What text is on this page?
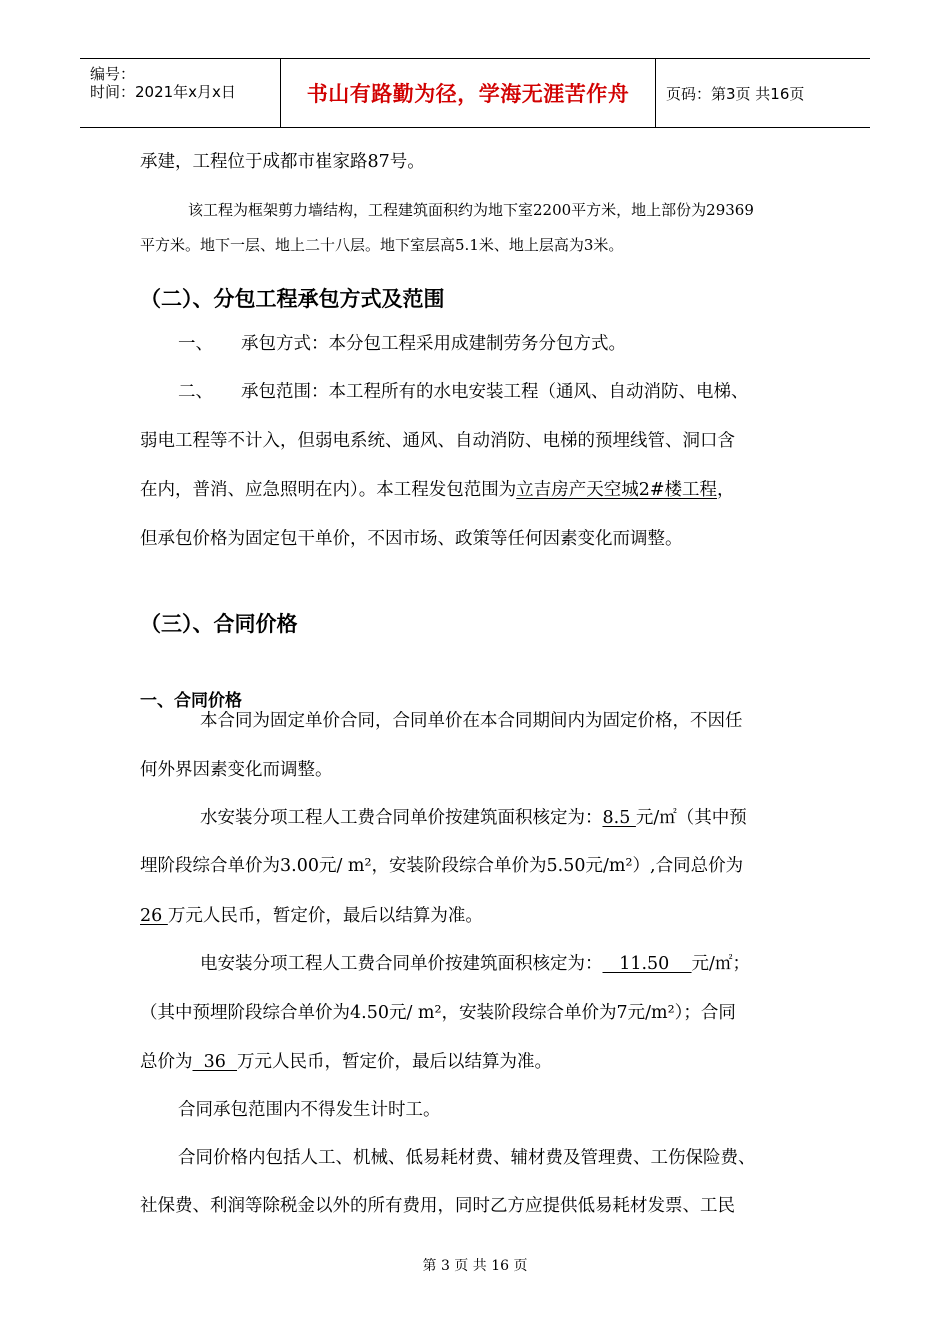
编号：
时间：2021年x月x日	书山有路勤为径，学海无涯苦作舟	页码：第3页 共16页
承建，工程位于成都市崔家路87号。
该工程为框架剪力墙结构，工程建筑面积约为地下室2200平方米，地上部份为29369
平方米。地下一层、地上二十八层。地下室层高5.1米、地上层高为3米。
（二）、分包工程承包方式及范围
一、 承包方式：本分包工程采用成建制劳务分包方式。
二、 承包范围：本工程所有的水电安装工程（通风、自动消防、电梯、
弱电工程等不计入，但弱电系统、通风、自动消防、电梯的预埋线管、洞口含
在内，普消、应急照明在内）。本工程发包范围为立吉房产天空城2#楼工程，
但承包价格为固定包干单价，不因市场、政策等任何因素变化而调整。
（三）、合同价格
一、合同价格
本合同为固定单价合同，合同单价在本合同期间内为固定价格，不因任
何外界因素变化而调整。
水安装分项工程人工费合同单价按建筑面积核定为：8.5 元/㎡（其中预
埋阶段综合单价为3.00元/ m²，安装阶段综合单价为5.50元/m²）,合同总价为
26 万元人民币，暂定价，最后以结算为准。
电安装分项工程人工费合同单价按建筑面积核定为：   11.50    元/㎡；
（其中预埋阶段综合单价为4.50元/ m²，安装阶段综合单价为7元/m²）；合同
总价为  36  万元人民币，暂定价，最后以结算为准。
合同承包范围内不得发生计时工。
合同价格内包括人工、机械、低易耗材费、辅材费及管理费、工伤保险费、
社保费、利润等除税金以外的所有费用，同时乙方应提供低易耗材发票、工民
第 3 页 共 16 页
